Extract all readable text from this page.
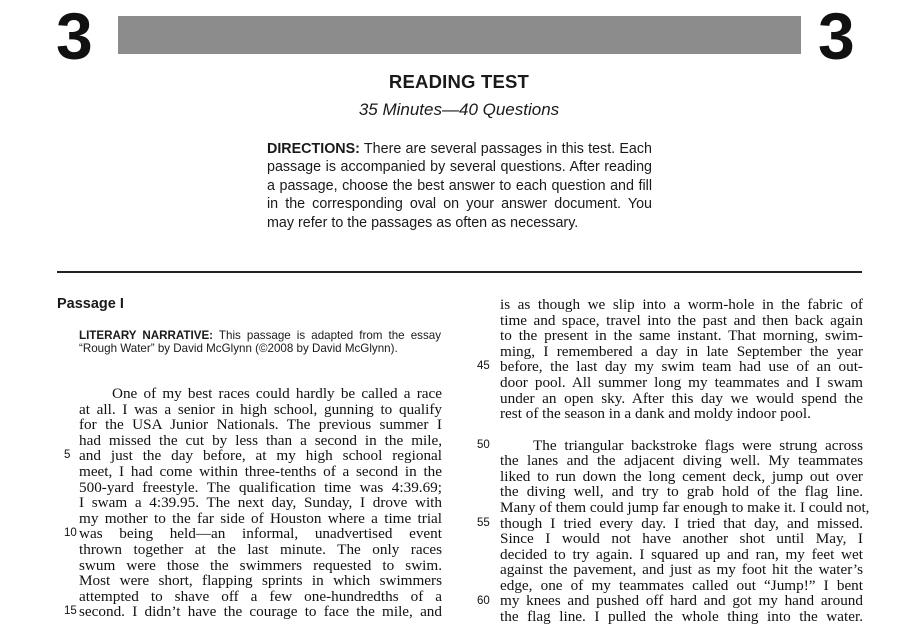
3	3
READING TEST
35 Minutes—40 Questions
DIRECTIONS: There are several passages in this test. Each passage is accompanied by several questions. After reading a passage, choose the best answer to each question and fill in the corresponding oval on your answer document. You may refer to the passages as often as necessary.
Passage I
LITERARY NARRATIVE: This passage is adapted from the essay “Rough Water” by David McGlynn (©2008 by David McGlynn).
One of my best races could hardly be called a race
at all. I was a senior in high school, gunning to qualify
for the USA Junior Nationals. The previous summer I
had missed the cut by less than a second in the mile,
and just the day before, at my high school regional
meet, I had come within three-tenths of a second in the
500-yard freestyle. The qualification time was 4:39.69;
I swam a 4:39.95. The next day, Sunday, I drove with
my mother to the far side of Houston where a time trial
was being held—an informal, unadvertised event
thrown together at the last minute. The only races
swum were those the swimmers requested to swim.
Most were short, flapping sprints in which swimmers
attempted to shave off a few one-hundredths of a
second. I didn’t have the courage to face the mile, and
is as though we slip into a worm-hole in the fabric of
time and space, travel into the past and then back again
to the present in the same instant. That morning, swim-
ming, I remembered a day in late September the year
before, the last day my swim team had use of an out-
door pool. All summer long my teammates and I swam
under an open sky. After this day we would spend the
rest of the season in a dank and moldy indoor pool.
The triangular backstroke flags were strung across
the lanes and the adjacent diving well. My teammates
liked to run down the long cement deck, jump out over
the diving well, and try to grab hold of the flag line.
Many of them could jump far enough to make it. I could not,
though I tried every day. I tried that day, and missed.
Since I would not have another shot until May, I
decided to try again. I squared up and ran, my feet wet
against the pavement, and just as my foot hit the water’s
edge, one of my teammates called out “Jump!” I bent
my knees and pushed off hard and got my hand around
the flag line. I pulled the whole thing into the water.
5
10
15
45
50
55
60
